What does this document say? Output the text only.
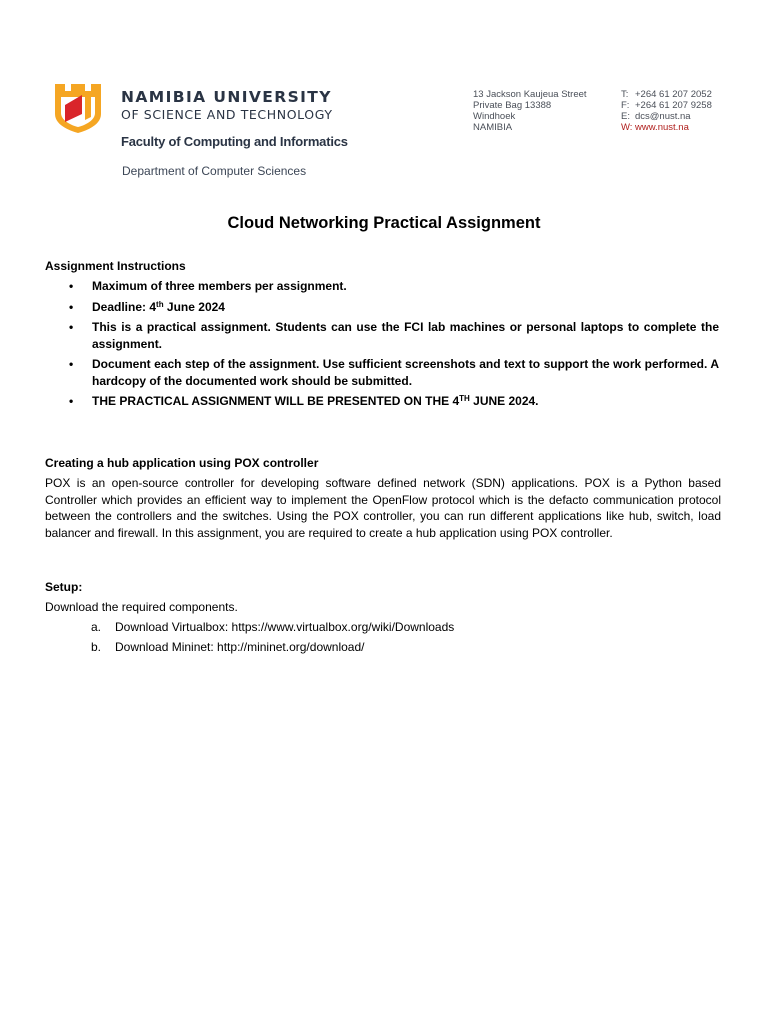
NAMIBIA UNIVERSITY
OF SCIENCE AND TECHNOLOGY
Faculty of Computing and Informatics
Department of Computer Sciences
13 Jackson Kaujeua Street
Private Bag 13388
Windhoek
NAMIBIA
T: +264 61 207 2052
F: +264 61 207 9258
E: dcs@nust.na
W: www.nust.na
Cloud Networking Practical Assignment
Assignment Instructions
• Maximum of three members per assignment.
• Deadline: 4th June 2024
• This is a practical assignment. Students can use the FCI lab machines or personal laptops to complete the assignment.
• Document each step of the assignment. Use sufficient screenshots and text to support the work performed. A hardcopy of the documented work should be submitted.
• THE PRACTICAL ASSIGNMENT WILL BE PRESENTED ON THE 4TH JUNE 2024.
Creating a hub application using POX controller

POX is an open-source controller for developing software defined network (SDN) applications. POX is a Python based Controller which provides an efficient way to implement the OpenFlow protocol which is the defacto communication protocol between the controllers and the switches. Using the POX controller, you can run different applications like hub, switch, load balancer and firewall. In this assignment, you are required to create a hub application using POX controller.

Setup:
Download the required components.
a. Download Virtualbox: https://www.virtualbox.org/wiki/Downloads
b. Download Mininet: http://mininet.org/download/
